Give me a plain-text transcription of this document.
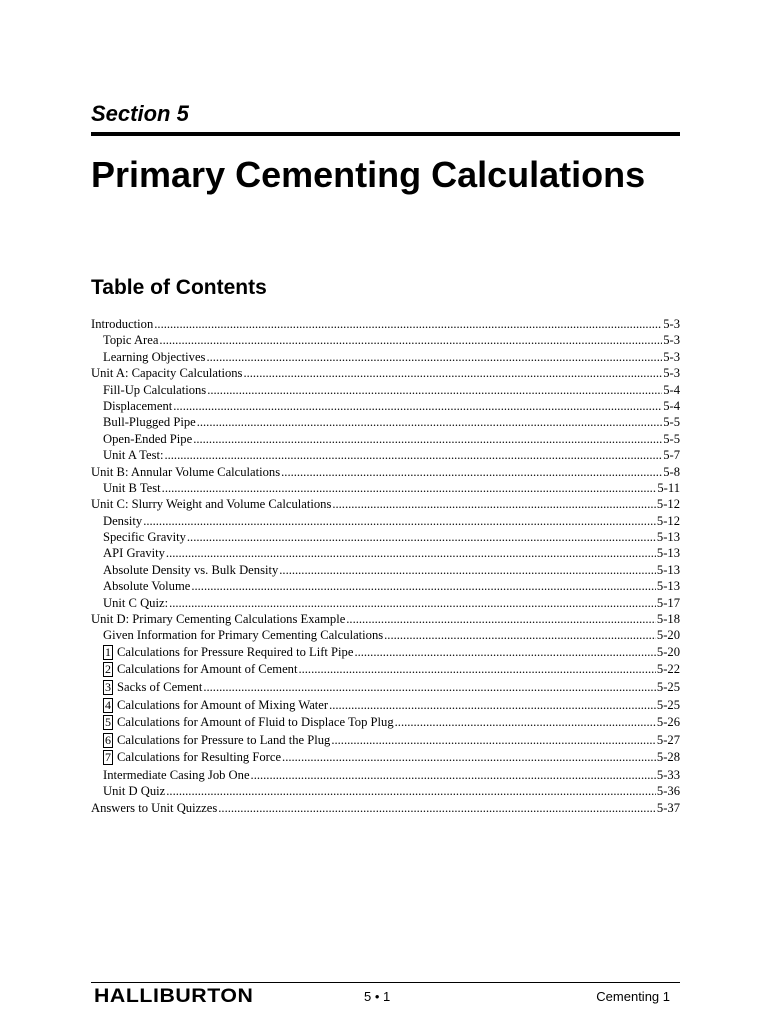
Section 5
Primary Cementing Calculations
Table of Contents
Introduction .....	5-3
Topic Area .....	5-3
Learning Objectives .....	5-3
Unit A: Capacity Calculations .....	5-3
Fill-Up Calculations .....	5-4
Displacement .....	5-4
Bull-Plugged Pipe .....	5-5
Open-Ended Pipe .....	5-5
Unit A Test: .....	5-7
Unit B: Annular Volume Calculations .....	5-8
Unit B Test .....	5-11
Unit C: Slurry Weight and Volume Calculations .....	5-12
Density .....	5-12
Specific Gravity .....	5-13
API Gravity .....	5-13
Absolute Density vs. Bulk Density .....	5-13
Absolute Volume .....	5-13
Unit C Quiz: .....	5-17
Unit D: Primary Cementing Calculations Example .....	5-18
Given Information for Primary Cementing Calculations .....	5-20
1 Calculations for Pressure Required to Lift Pipe .....	5-20
2 Calculations for Amount of Cement .....	5-22
3 Sacks of Cement .....	5-25
4 Calculations for Amount of Mixing Water .....	5-25
5 Calculations for Amount of Fluid to Displace Top Plug .....	5-26
6 Calculations for Pressure to Land the Plug .....	5-27
7 Calculations for Resulting Force .....	5-28
Intermediate Casing Job One .....	5-33
Unit D Quiz .....	5-36
Answers to Unit Quizzes .....	5-37
HALLIBURTON	5 • 1	Cementing 1
